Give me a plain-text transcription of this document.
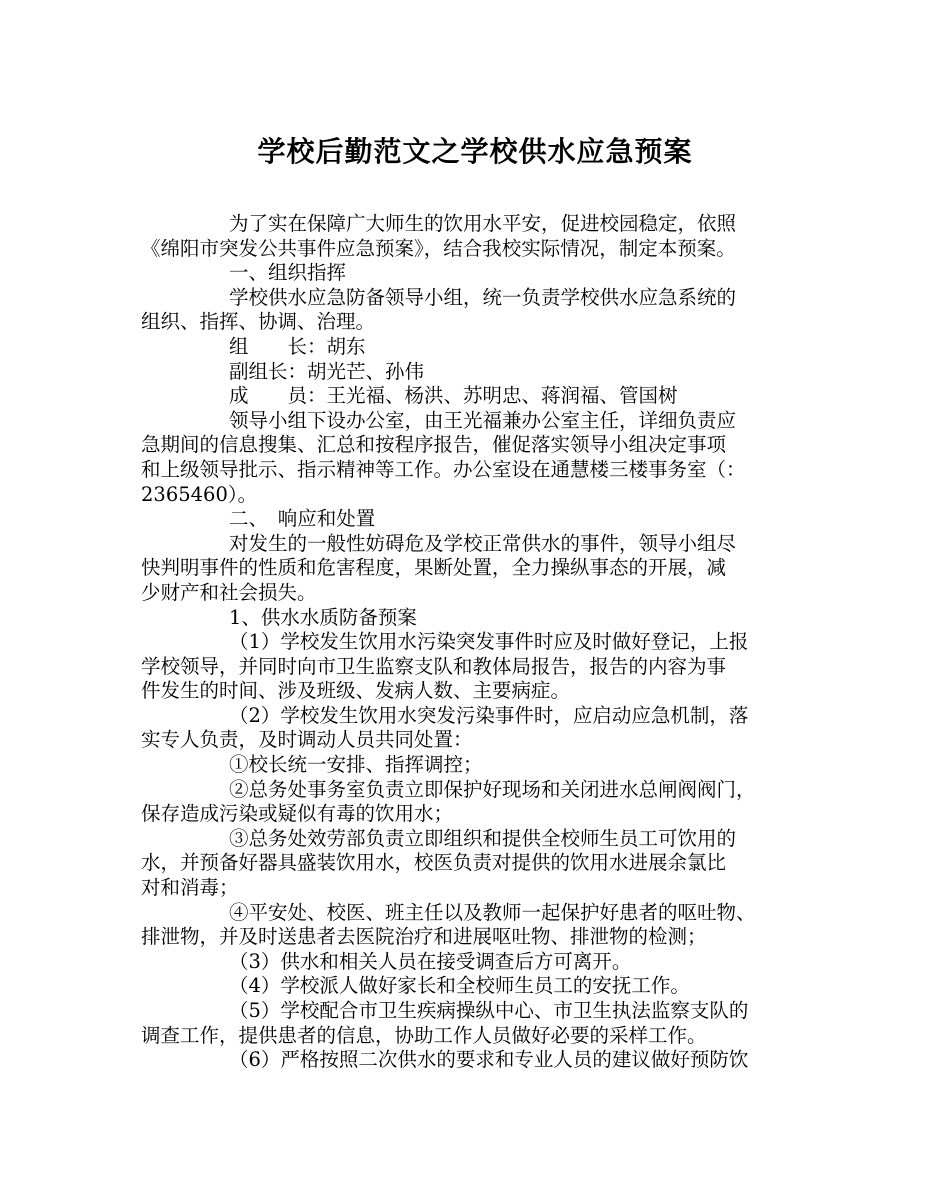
学校后勤范文之学校供水应急预案
为了实在保障广大师生的饮用水平安，促进校园稳定，依照
《绵阳市突发公共事件应急预案》，结合我校实际情况，制定本预案。
一、组织指挥
学校供水应急防备领导小组，统一负责学校供水应急系统的
组织、指挥、协调、治理。
组　　长：胡东
副组长：胡光芒、孙伟
成　　员：王光福、杨洪、苏明忠、蒋润福、管国树
领导小组下设办公室，由王光福兼办公室主任，详细负责应
急期间的信息搜集、汇总和按程序报告，催促落实领导小组决定事项
和上级领导批示、指示精神等工作。办公室设在通慧楼三楼事务室（：
2365460）。
二、　响应和处置
对发生的一般性妨碍危及学校正常供水的事件，领导小组尽
快判明事件的性质和危害程度，果断处置，全力操纵事态的开展，减
少财产和社会损失。
1、供水水质防备预案
（1）学校发生饮用水污染突发事件时应及时做好登记，上报
学校领导，并同时向市卫生监察支队和教体局报告，报告的内容为事
件发生的时间、涉及班级、发病人数、主要病症。
（2）学校发生饮用水突发污染事件时，应启动应急机制，落
实专人负责，及时调动人员共同处置：
①校长统一安排、指挥调控；
②总务处事务室负责立即保护好现场和关闭进水总闸阀阀门，
保存造成污染或疑似有毒的饮用水；
③总务处效劳部负责立即组织和提供全校师生员工可饮用的
水，并预备好器具盛装饮用水，校医负责对提供的饮用水进展余氯比
对和消毒；
④平安处、校医、班主任以及教师一起保护好患者的呕吐物、
排泄物，并及时送患者去医院治疗和进展呕吐物、排泄物的检测；
（3）供水和相关人员在接受调查后方可离开。
（4）学校派人做好家长和全校师生员工的安抚工作。
（5）学校配合市卫生疾病操纵中心、市卫生执法监察支队的
调查工作，提供患者的信息，协助工作人员做好必要的采样工作。
（6）严格按照二次供水的要求和专业人员的建议做好预防饮
